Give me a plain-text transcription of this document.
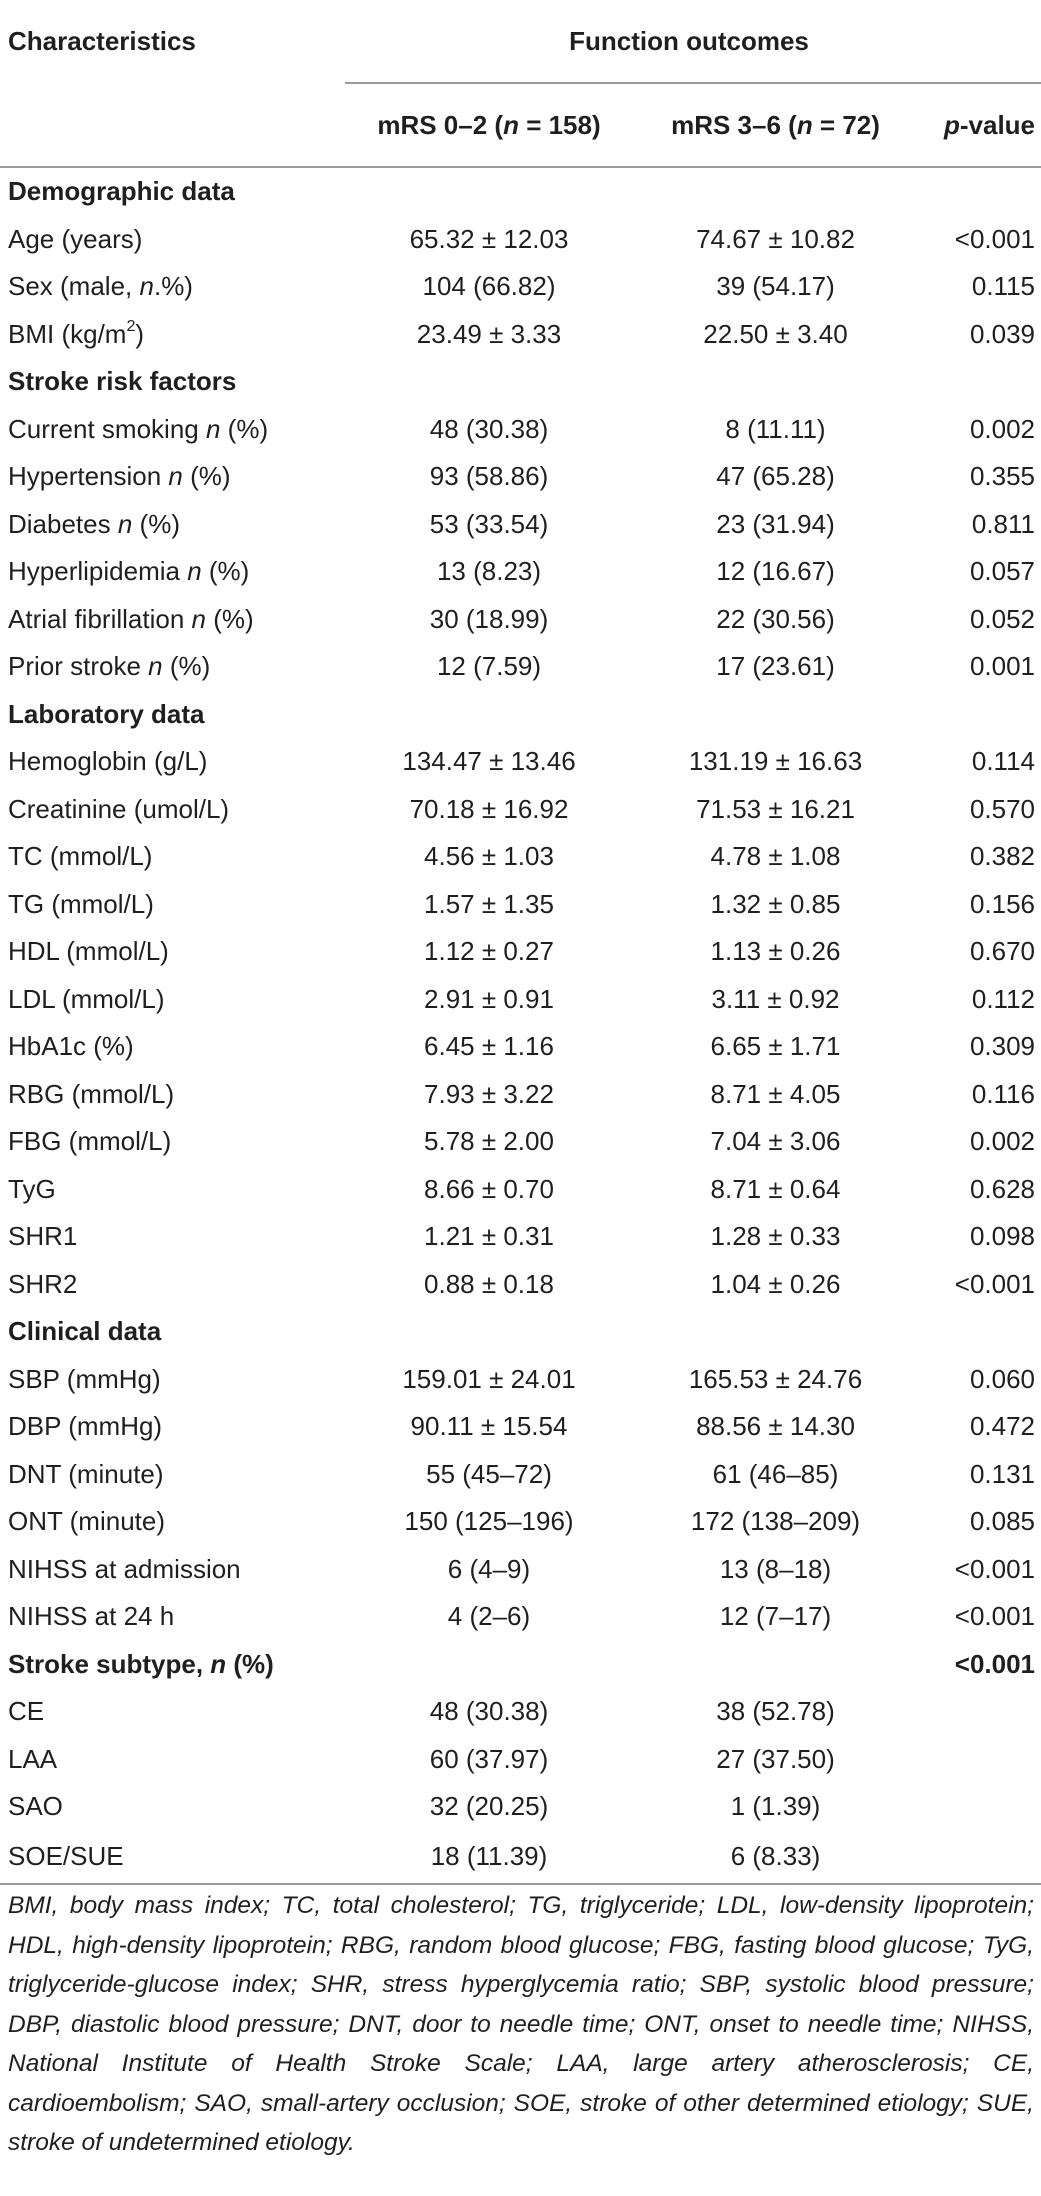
Characteristics	Function outcomes		
	mRS 0–2 (n = 158)	mRS 3–6 (n = 72)	p-value
Demographic data			
Age (years)	65.32 ± 12.03	74.67 ± 10.82	<0.001
Sex (male, n.%)	104 (66.82)	39 (54.17)	0.115
BMI $(kg/m^2)$	23.49 ± 3.33	22.50 ± 3.40	0.039
Stroke risk factors			
Current smoking n (%)	48 (30.38)	8 (11.11)	0.002
Hypertension n (%)	93 (58.86)	47 (65.28)	0.355
Diabetes n (%)	53 (33.54)	23 (31.94)	0.811
Hyperlipidemia n (%)	13 (8.23)	12 (16.67)	0.057
Atrial fibrillation n (%)	30 (18.99)	22 (30.56)	0.052
Prior stroke n (%)	12 (7.59)	17 (23.61)	0.001
Laboratory data			
Hemoglobin (g/L)	134.47 ± 13.46	131.19 ± 16.63	0.114
Creatinine (umol/L)	70.18 ± 16.92	71.53 ± 16.21	0.570
TC (mmol/L)	4.56 ± 1.03	4.78 ± 1.08	0.382
TG (mmol/L)	1.57 ± 1.35	1.32 ± 0.85	0.156
HDL (mmol/L)	1.12 ± 0.27	1.13 ± 0.26	0.670
LDL (mmol/L)	2.91 ± 0.91	3.11 ± 0.92	0.112
HbA1c (%)	6.45 ± 1.16	6.65 ± 1.71	0.309
RBG (mmol/L)	7.93 ± 3.22	8.71 ± 4.05	0.116
FBG (mmol/L)	5.78 ± 2.00	7.04 ± 3.06	0.002
TyG	8.66 ± 0.70	8.71 ± 0.64	0.628
SHR1	1.21 ± 0.31	1.28 ± 0.33	0.098
SHR2	0.88 ± 0.18	1.04 ± 0.26	<0.001
Clinical data			
SBP (mmHg)	159.01 ± 24.01	165.53 ± 24.76	0.060
DBP (mmHg)	90.11 ± 15.54	88.56 ± 14.30	0.472
DNT (minute)	55 (45–72)	61 (46–85)	0.131
ONT (minute)	150 (125–196)	172 (138–209)	0.085
NIHSS at admission	6 (4–9)	13 (8–18)	<0.001
NIHSS at 24 h	4 (2–6)	12 (7–17)	<0.001
Stroke subtype, n (%)			<0.001
CE	48 (30.38)	38 (52.78)	
LAA	60 (37.97)	27 (37.50)	
SAO	32 (20.25)	1 (1.39)	
SOE/SUE	18 (11.39)	6 (8.33)	
BMI, body mass index; TC, total cholesterol; TG, triglyceride; LDL, low-density lipoprotein; HDL, high-density lipoprotein; RBG, random blood glucose; FBG, fasting blood glucose; TyG, triglyceride-glucose index; SHR, stress hyperglycemia ratio; SBP, systolic blood pressure; DBP, diastolic blood pressure; DNT, door to needle time; ONT, onset to needle time; NIHSS, National Institute of Health Stroke Scale; LAA, large artery atherosclerosis; CE, cardioembolism; SAO, small-artery occlusion; SOE, stroke of other determined etiology; SUE, stroke of undetermined etiology.
